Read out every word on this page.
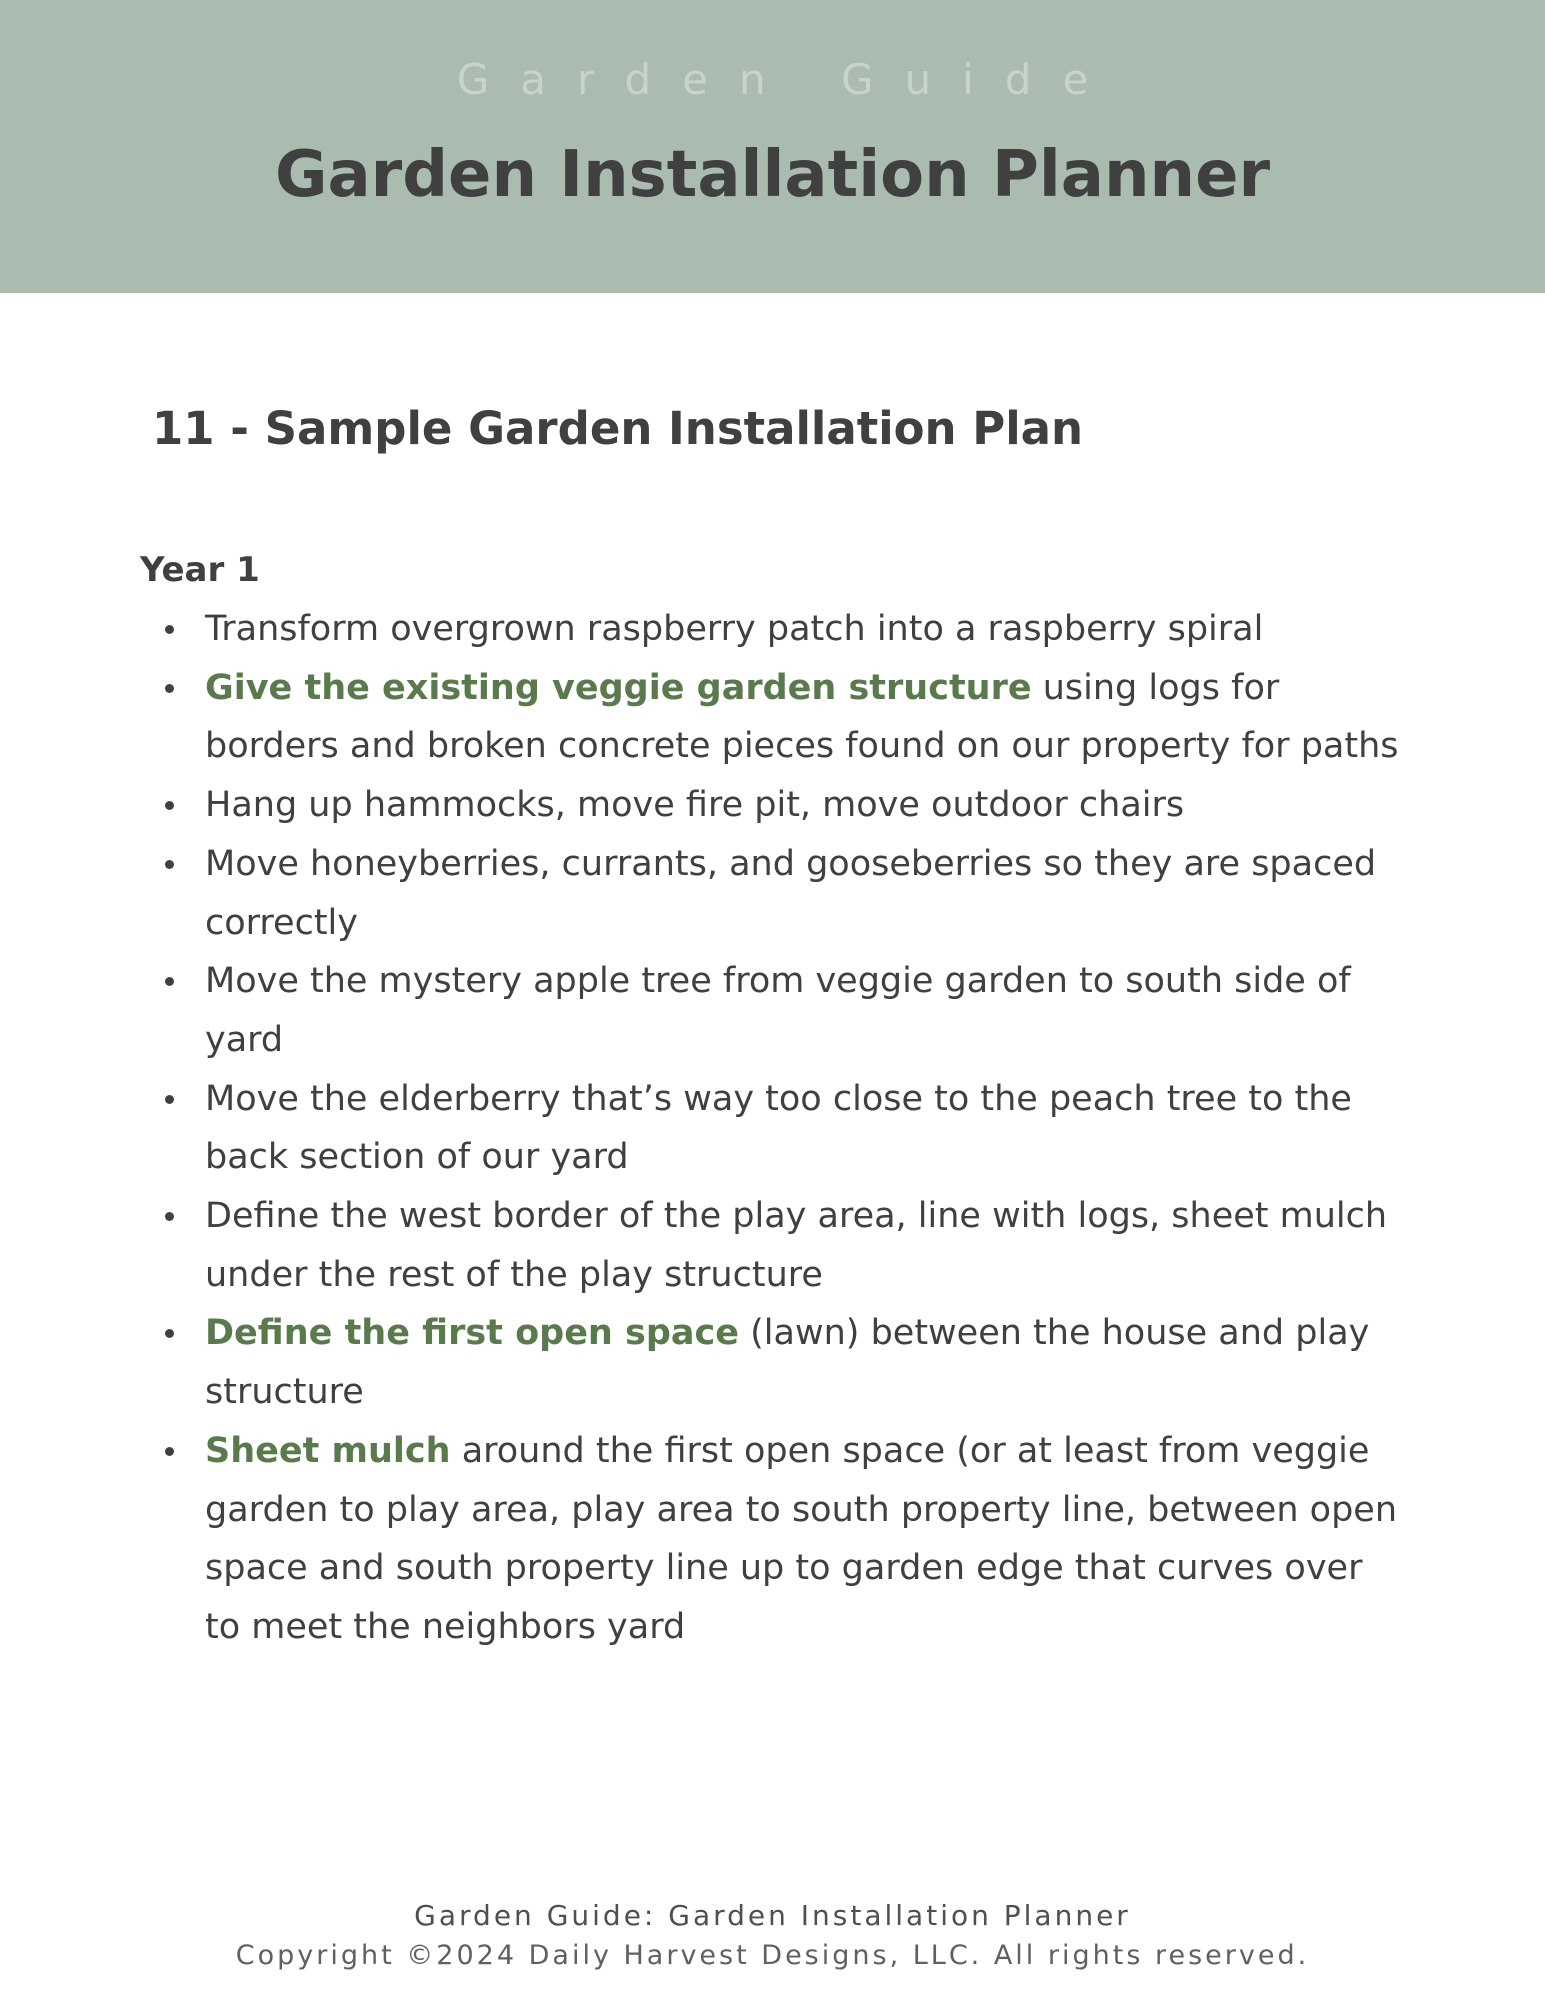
Garden Guide
Garden Installation Planner
11 - Sample Garden Installation Plan
Year 1
Transform overgrown raspberry patch into a raspberry spiral
Give the existing veggie garden structure using logs for borders and broken concrete pieces found on our property for paths
Hang up hammocks, move fire pit, move outdoor chairs
Move honeyberries, currants, and gooseberries so they are spaced correctly
Move the mystery apple tree from veggie garden to south side of yard
Move the elderberry that’s way too close to the peach tree to the back section of our yard
Define the west border of the play area, line with logs, sheet mulch under the rest of the play structure
Define the first open space (lawn) between the house and play structure
Sheet mulch around the first open space (or at least from veggie garden to play area, play area to south property line, between open space and south property line up to garden edge that curves over to meet the neighbors yard
Garden Guide: Garden Installation Planner
Copyright ©2024 Daily Harvest Designs, LLC. All rights reserved.
